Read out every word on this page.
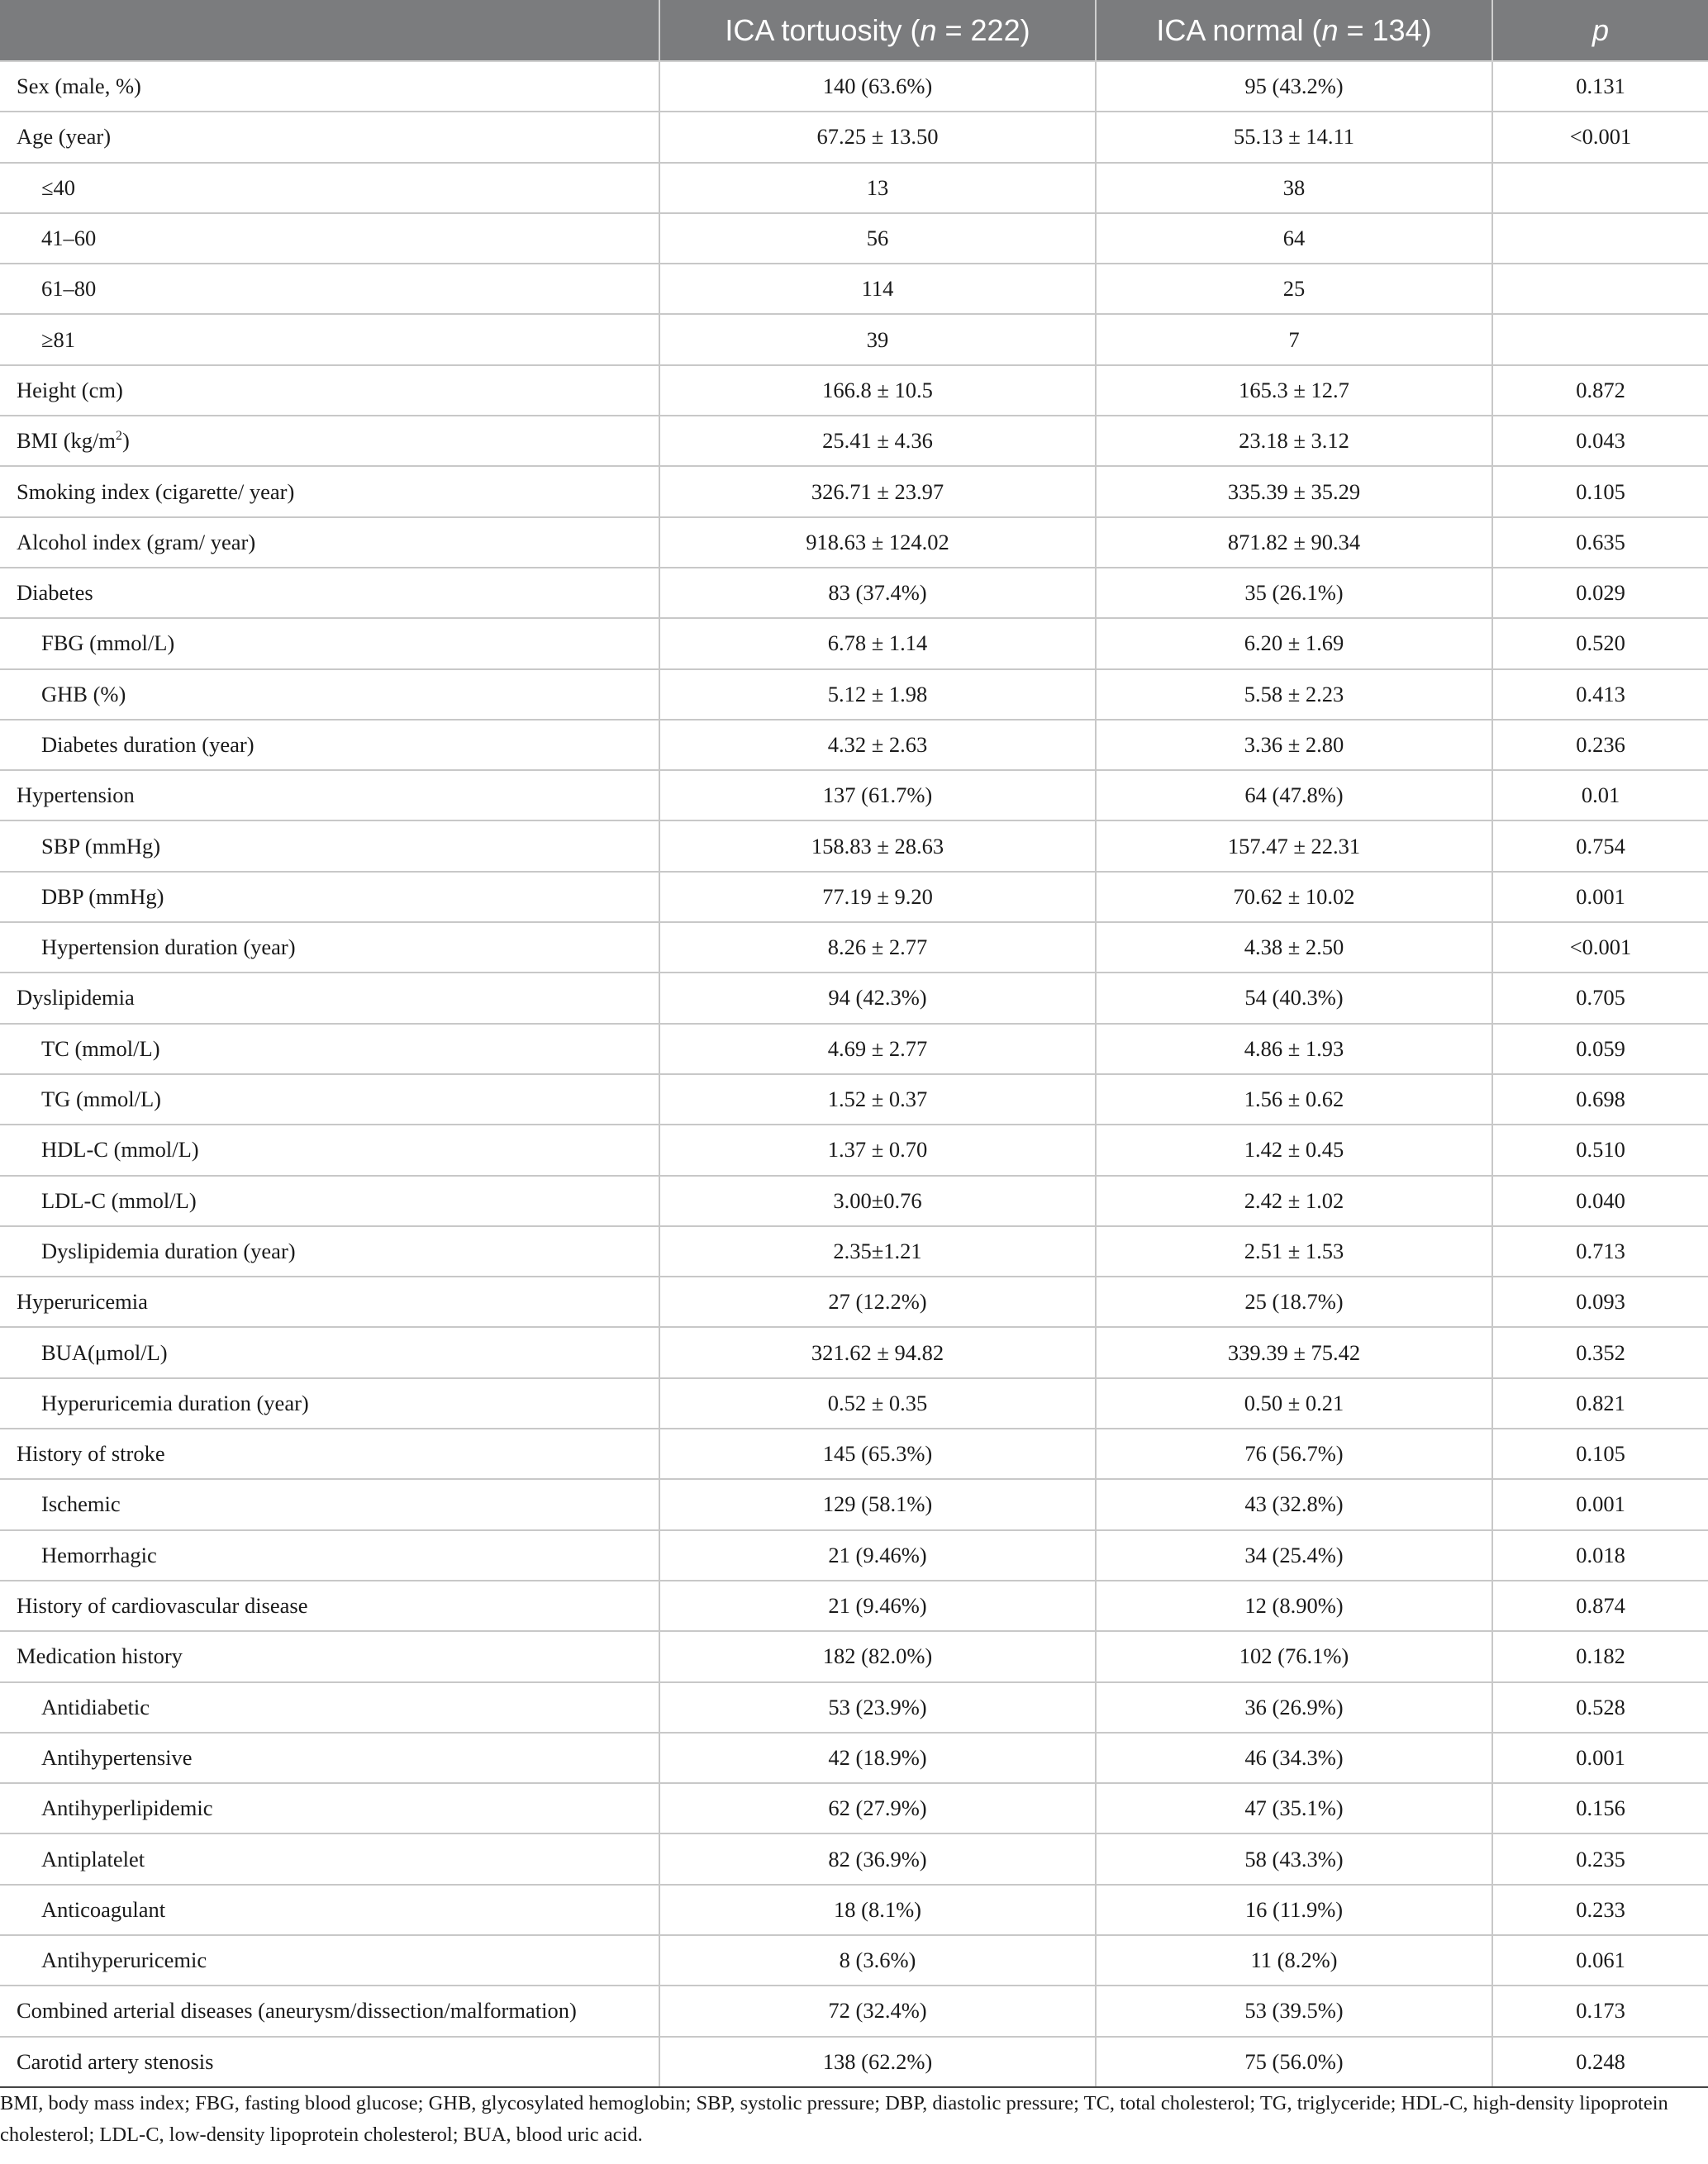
	ICA tortuosity (n = 222)	ICA normal (n = 134)	p
Sex (male, %)	140 (63.6%)	95 (43.2%)	0.131
Age (year)	67.25 ± 13.50	55.13 ± 14.11	<0.001
≤40	13	38	
41–60	56	64	
61–80	114	25	
≥81	39	7	
Height (cm)	166.8 ± 10.5	165.3 ± 12.7	0.872
BMI $(kg/m^2)$	25.41 ± 4.36	23.18 ± 3.12	0.043
Smoking index (cigarette/ year)	326.71 ± 23.97	335.39 ± 35.29	0.105
Alcohol index (gram/ year)	918.63 ± 124.02	871.82 ± 90.34	0.635
Diabetes	83 (37.4%)	35 (26.1%)	0.029
FBG (mmol/L)	6.78 ± 1.14	6.20 ± 1.69	0.520
GHB (%)	5.12 ± 1.98	5.58 ± 2.23	0.413
Diabetes duration (year)	4.32 ± 2.63	3.36 ± 2.80	0.236
Hypertension	137 (61.7%)	64 (47.8%)	0.01
SBP (mmHg)	158.83 ± 28.63	157.47 ± 22.31	0.754
DBP (mmHg)	77.19 ± 9.20	70.62 ± 10.02	0.001
Hypertension duration (year)	8.26 ± 2.77	4.38 ± 2.50	<0.001
Dyslipidemia	94 (42.3%)	54 (40.3%)	0.705
TC (mmol/L)	4.69 ± 2.77	4.86 ± 1.93	0.059
TG (mmol/L)	1.52 ± 0.37	1.56 ± 0.62	0.698
HDL-C (mmol/L)	1.37 ± 0.70	1.42 ± 0.45	0.510
LDL-C (mmol/L)	3.00±0.76	2.42 ± 1.02	0.040
Dyslipidemia duration (year)	2.35±1.21	2.51 ± 1.53	0.713
Hyperuricemia	27 (12.2%)	25 (18.7%)	0.093
BUA(μmol/L)	321.62 ± 94.82	339.39 ± 75.42	0.352
Hyperuricemia duration (year)	0.52 ± 0.35	0.50 ± 0.21	0.821
History of stroke	145 (65.3%)	76 (56.7%)	0.105
Ischemic	129 (58.1%)	43 (32.8%)	0.001
Hemorrhagic	21 (9.46%)	34 (25.4%)	0.018
History of cardiovascular disease	21 (9.46%)	12 (8.90%)	0.874
Medication history	182 (82.0%)	102 (76.1%)	0.182
Antidiabetic	53 (23.9%)	36 (26.9%)	0.528
Antihypertensive	42 (18.9%)	46 (34.3%)	0.001
Antihyperlipidemic	62 (27.9%)	47 (35.1%)	0.156
Antiplatelet	82 (36.9%)	58 (43.3%)	0.235
Anticoagulant	18 (8.1%)	16 (11.9%)	0.233
Antihyperuricemic	8 (3.6%)	11 (8.2%)	0.061
Combined arterial diseases (aneurysm/dissection/malformation)	72 (32.4%)	53 (39.5%)	0.173
Carotid artery stenosis	138 (62.2%)	75 (56.0%)	0.248
BMI, body mass index; FBG, fasting blood glucose; GHB, glycosylated hemoglobin; SBP, systolic pressure; DBP, diastolic pressure; TC, total cholesterol; TG, triglyceride; HDL-C, high-density lipoprotein cholesterol; LDL-C, low-density lipoprotein cholesterol; BUA, blood uric acid.
